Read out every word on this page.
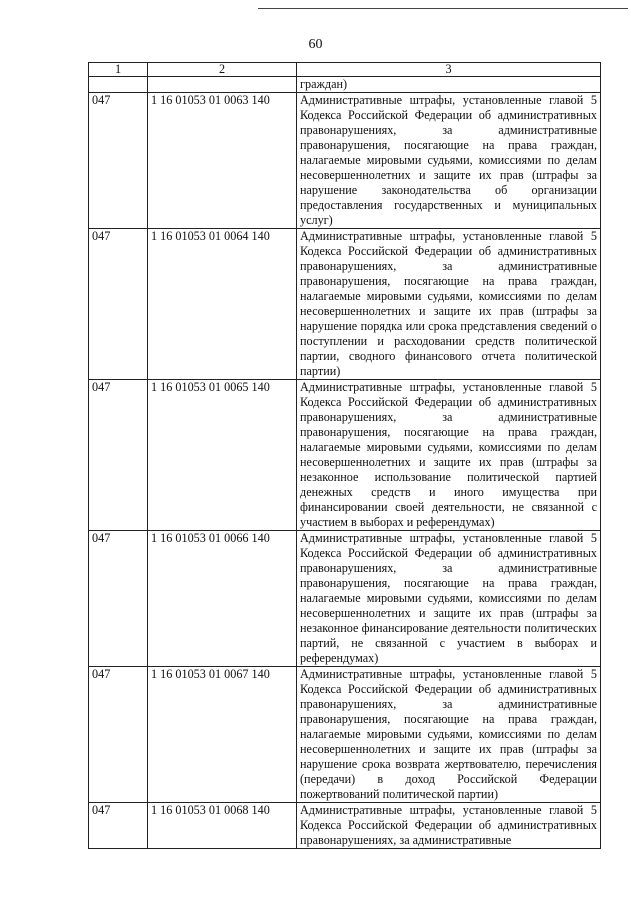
60
1	2	3
		граждан)
047	1 16 01053 01 0063 140	Административные штрафы, установленные главой 5 Кодекса Российской Федерации об административных правонарушениях, за административные правонарушения, посягающие на права граждан, налагаемые мировыми судьями, комиссиями по делам несовершеннолетних и защите их прав (штрафы за нарушение законодательства об организации предоставления государственных и муниципальных услуг)
047	1 16 01053 01 0064 140	Административные штрафы, установленные главой 5 Кодекса Российской Федерации об административных правонарушениях, за административные правонарушения, посягающие на права граждан, налагаемые мировыми судьями, комиссиями по делам несовершеннолетних и защите их прав (штрафы за нарушение порядка или срока представления сведений о поступлении и расходовании средств политической партии, сводного финансового отчета политической партии)
047	1 16 01053 01 0065 140	Административные штрафы, установленные главой 5 Кодекса Российской Федерации об административных правонарушениях, за административные правонарушения, посягающие на права граждан, налагаемые мировыми судьями, комиссиями по делам несовершеннолетних и защите их прав (штрафы за незаконное использование политической партией денежных средств и иного имущества при финансировании своей деятельности, не связанной с участием в выборах и референдумах)
047	1 16 01053 01 0066 140	Административные штрафы, установленные главой 5 Кодекса Российской Федерации об административных правонарушениях, за административные правонарушения, посягающие на права граждан, налагаемые мировыми судьями, комиссиями по делам несовершеннолетних и защите их прав (штрафы за незаконное финансирование деятельности политических партий, не связанной с участием в выборах и референдумах)
047	1 16 01053 01 0067 140	Административные штрафы, установленные главой 5 Кодекса Российской Федерации об административных правонарушениях, за административные правонарушения, посягающие на права граждан, налагаемые мировыми судьями, комиссиями по делам несовершеннолетних и защите их прав (штрафы за нарушение срока возврата жертвователю, перечисления (передачи) в доход Российской Федерации пожертвований политической партии)
047	1 16 01053 01 0068 140	Административные штрафы, установленные главой 5 Кодекса Российской Федерации об административных правонарушениях, за административные
